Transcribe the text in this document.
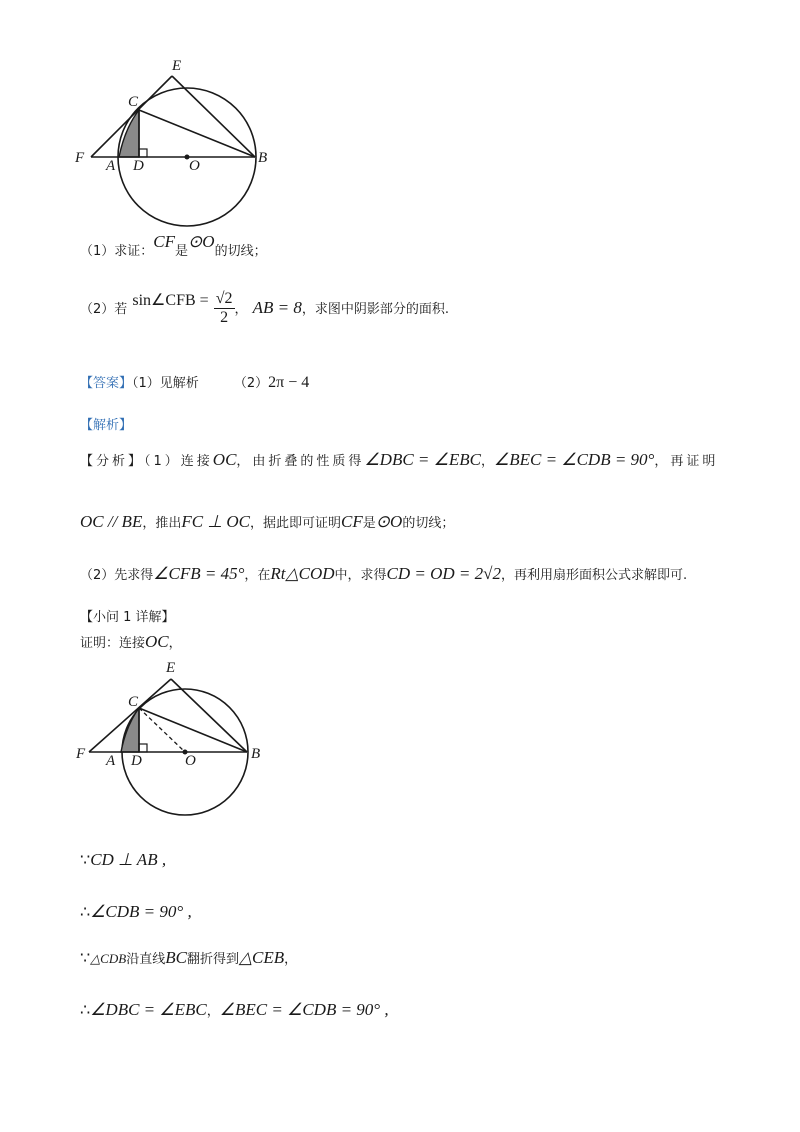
E
C
F A D	O	B
（1）求证：CF是⊙O的切线；
（2）若 sin∠CFB = $\frac{√2}{2}$ ， AB = 8，求图中阴影部分的面积.
【答案】（1）见解析	（2）2π − 4
【解析】
【分析】（1）连接OC，由折叠的性质得∠DBC = ∠EBC，∠BEC = ∠CDB = 90°，再证明
OC // BE，推出FC ⊥ OC，据此即可证明CF是⊙O的切线；
（2）先求得∠CFB = 45°，在Rt△COD中，求得CD = OD = 2√2，再利用扇形面积公式求解即可.
【小问 1 详解】
证明：连接OC，
E
C
F A D	O	B
∵CD ⊥ AB ,
∴∠CDB = 90° ,
∵△CDB沿直线BC翻折得到△CEB，
∴∠DBC = ∠EBC，∠BEC = ∠CDB = 90° ,
